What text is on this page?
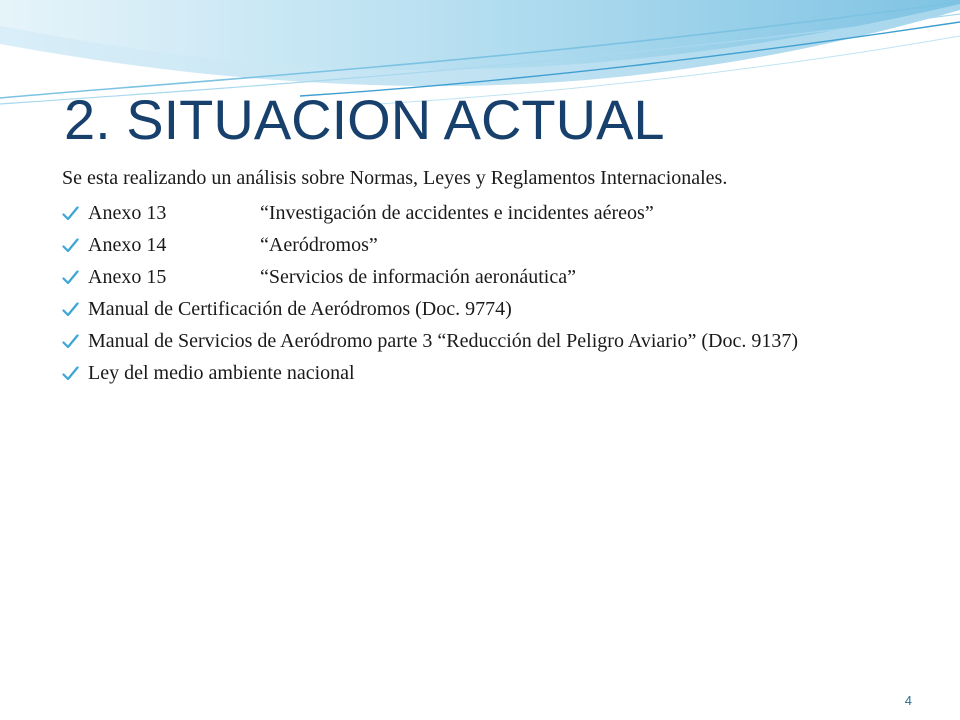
2. SITUACION ACTUAL

Se esta realizando un análisis sobre Normas, Leyes y Reglamentos Internacionales.

Anexo 13	“Investigación de accidentes e incidentes aéreos”
Anexo 14	“Aeródromos”
Anexo 15	“Servicios de información aeronáutica”
Manual de Certificación de Aeródromos (Doc. 9774)
Manual de Servicios de Aeródromo parte 3 “Reducción del Peligro Aviario” (Doc. 9137)
Ley del medio ambiente nacional
4
